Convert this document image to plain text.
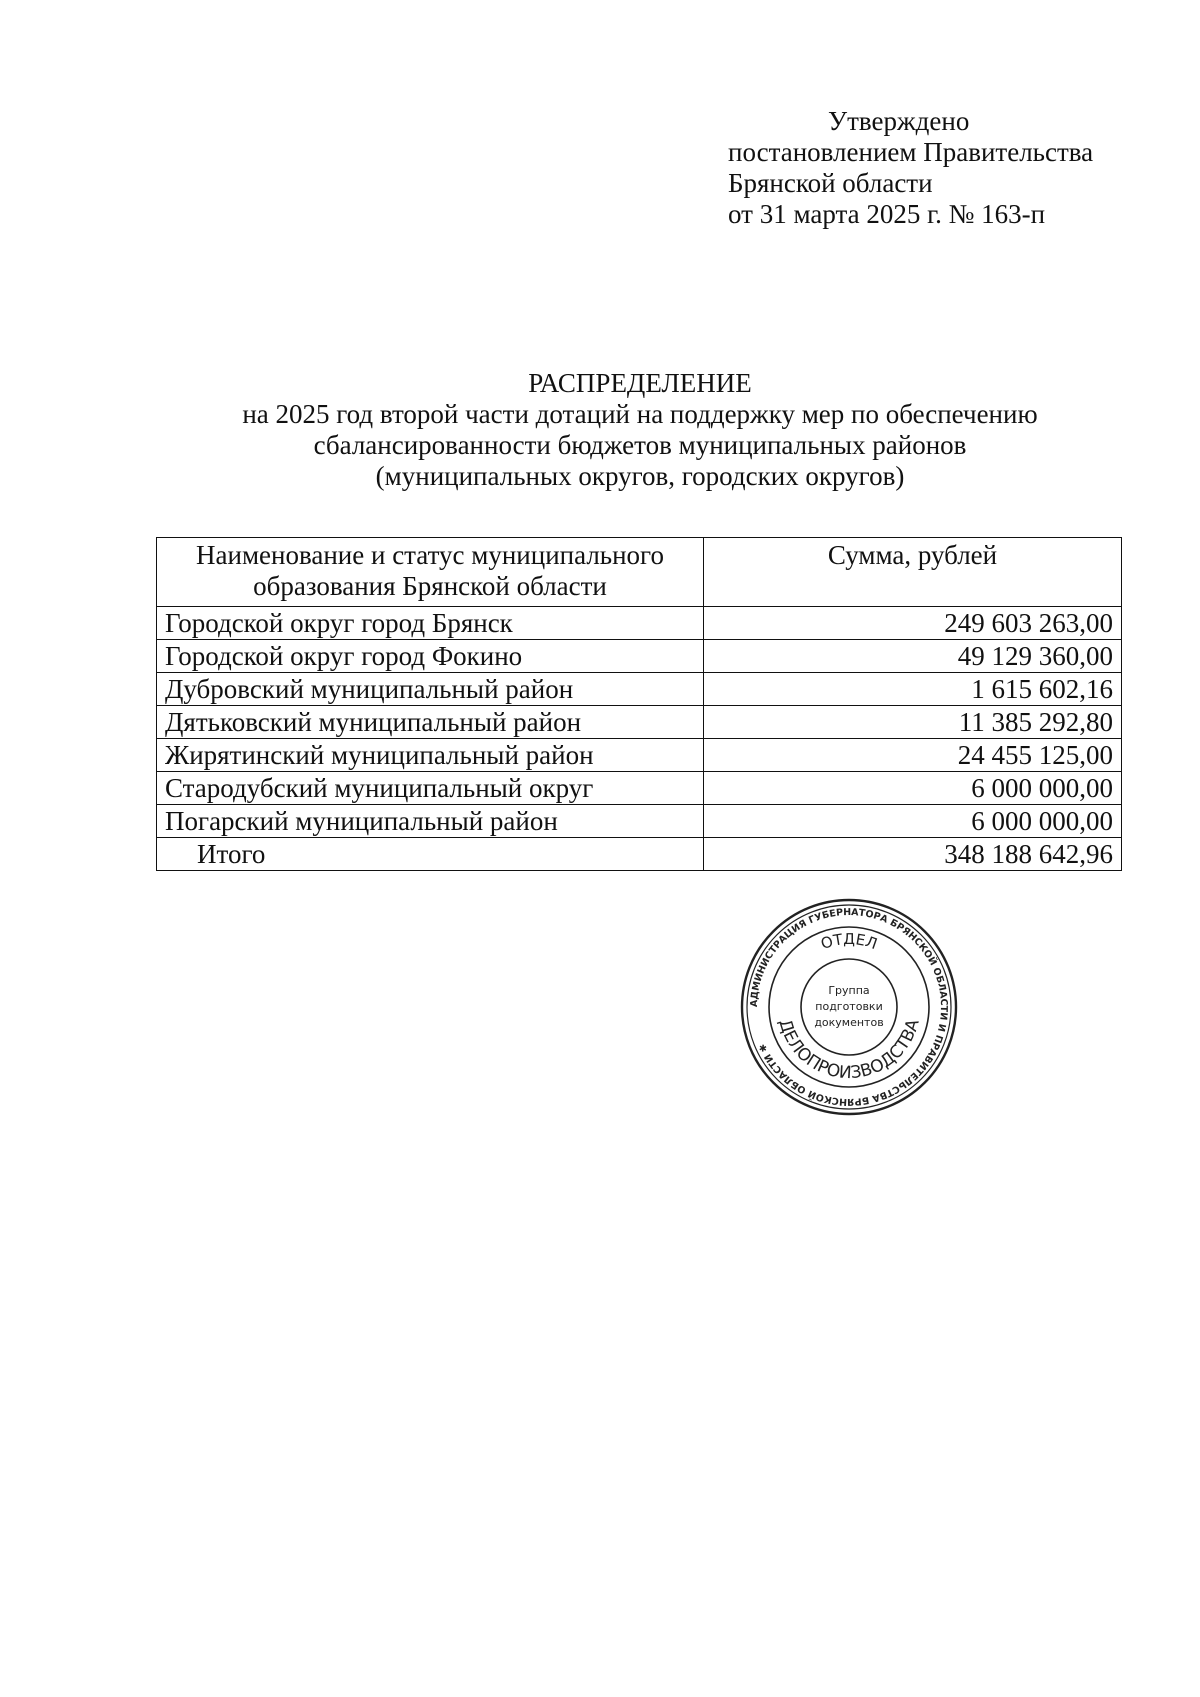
Утверждено
постановлением Правительства
Брянской области
от 31 марта 2025 г. № 163-п
РАСПРЕДЕЛЕНИЕ
на 2025 год второй части дотаций на поддержку мер по обеспечению
сбалансированности бюджетов муниципальных районов
(муниципальных округов, городских округов)
Наименование и статус муниципального
образования Брянской области	Сумма, рублей
Городской округ город Брянск	249 603 263,00
Городской округ город Фокино	49 129 360,00
Дубровский муниципальный район	1 615 602,16
Дятьковский муниципальный район	11 385 292,80
Жирятинский муниципальный район	24 455 125,00
Стародубский муниципальный округ	6 000 000,00
Погарский муниципальный район	6 000 000,00
Итого	348 188 642,96
АДМИНИСТРАЦИЯ ГУБЕРНАТОРА БРЯНСКОЙ ОБЛАСТИ И ПРАВИТЕЛЬСТВА БРЯНСКОЙ ОБЛАСТИ ✱
ОТДЕЛ
ДЕЛОПРОИЗВОДСТВА
Группа
подготовки
документов
